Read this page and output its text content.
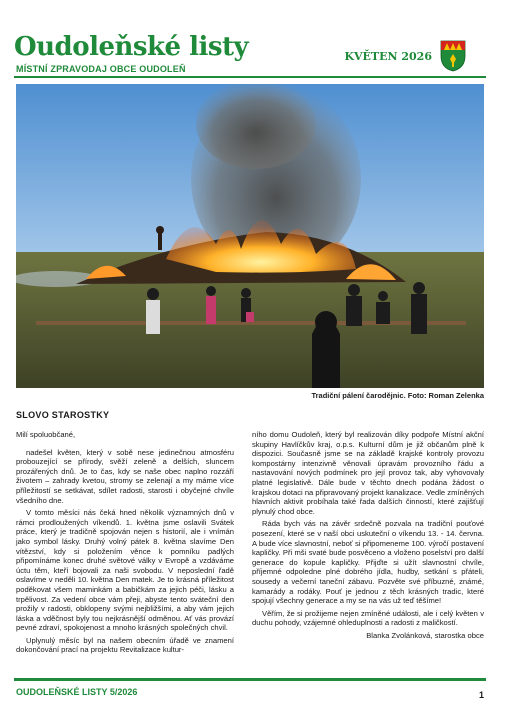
Oudoleňské listy
MÍSTNÍ ZPRAVODAJ OBCE OUDOLEŇ
KVĚTEN 2026
Tradiční pálení čarodějnic. Foto: Roman Zelenka
SLOVO STAROSTKY

Milí spoluobčané,

nadešel květen, který v sobě nese jedinečnou atmosféru probouzející se přírody, svěží zeleně a delších, sluncem prozářených dnů. Je to čas, kdy se naše obec naplno rozzáří životem – zahrady kvetou, stromy se zelenají a my máme více příležitostí se setkávat, sdílet radosti, starosti i obyčejné chvíle všedního dne.

V tomto měsíci nás čeká hned několik významných dnů v rámci prodloužených víkendů. 1. května jsme oslavili Svátek práce, který je tradičně spojován nejen s historií, ale i vnímán jako symbol lásky. Druhý volný pátek 8. května slavíme Den vítězství, kdy si položením věnce k pomníku padlých připomínáme konec druhé světové války v Evropě a vzdáváme úctu těm, kteří bojovali za naši svobodu. V neposlední řadě oslavíme v neděli 10. května Den matek. Je to krásná příležitost poděkovat všem maminkám a babičkám za jejich péči, lásku a trpělivost. Za vedení obce vám přeji, abyste tento sváteční den prožily v radosti, obklopeny svými nejbližšími, a aby vám jejich láska a vděčnost byly tou nejkrásnější odměnou. Ať vás provází pevné zdraví, spokojenost a mnoho krásných společných chvil.

Uplynulý měsíc byl na našem obecním úřadě ve znamení dokončování prací na projektu Revitalizace kultur-

ního domu Oudoleň, který byl realizován díky podpoře Místní akční skupiny Havlíčkův kraj, o.p.s. Kulturní dům je již občanům plně k dispozici. Současně jsme se na základě krajské kontroly provozu kompostárny intenzivně věnovali úpravám provozního řádu a nastavování nových podmínek pro její provoz tak, aby vyhovovaly platné legislativě. Dále bude v těchto dnech podána žádost o krajskou dotaci na připravovaný projekt kanalizace. Vedle zmíněných hlavních aktivit probíhala také řada dalších činností, které zajišťují plynulý chod obce.

Ráda bych vás na závěr srdečně pozvala na tradiční pouťové posezení, které se v naší obci uskuteční o víkendu 13. - 14. června. A bude více slavnostní, neboť si připomeneme 100. výročí postavení kapličky. Při mši svaté bude posvěceno a vloženo poselství pro další generace do kopule kapličky. Přijďte si užít slavnostní chvíle, příjemné odpoledne plné dobrého jídla, hudby, setkání s přáteli, sousedy a večerní taneční zábavu. Pozvěte své příbuzné, známé, kamarády a rodáky. Pouť je jednou z těch krásných tradic, které spojují všechny generace a my se na vás už teď těšíme!

Věřím, že si prožijeme nejen zmíněné události, ale i celý květen v duchu pohody, vzájemné ohleduplnosti a radosti z maličkostí.

Blanka Zvolánková, starostka obce
OUDOLEŇSKÉ LISTY 5/2026	1
